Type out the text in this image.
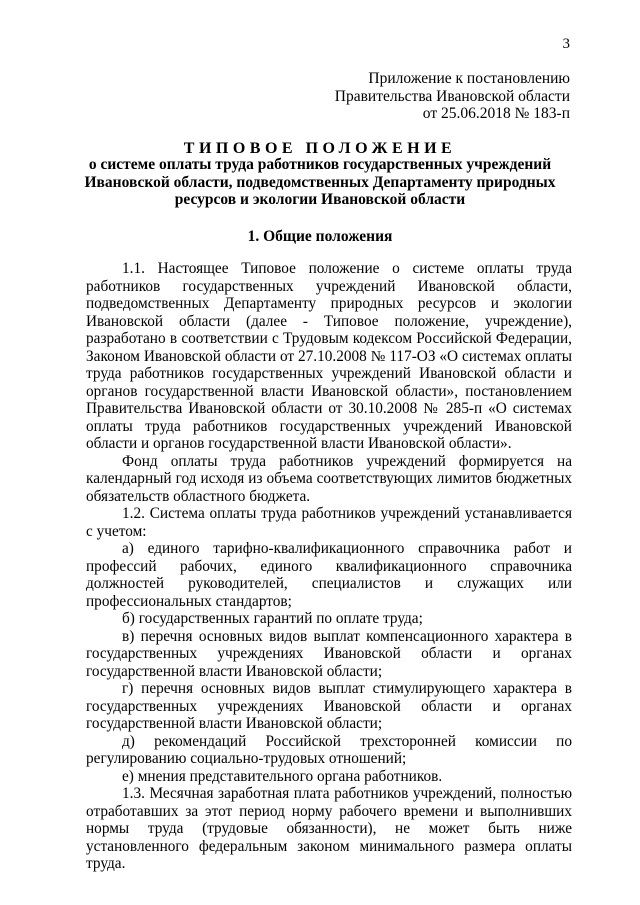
3
Приложение к постановлению
Правительства Ивановской области
от 25.06.2018 № 183-п
ТИПОВОЕ ПОЛОЖЕНИЕ
о системе оплаты труда работников государственных учреждений Ивановской области, подведомственных Департаменту природных ресурсов и экологии Ивановской области
1. Общие положения

1.1. Настоящее Типовое положение о системе оплаты труда работников государственных учреждений Ивановской области, подведомственных Департаменту природных ресурсов и экологии Ивановской области (далее - Типовое положение, учреждение), разработано в соответствии с Трудовым кодексом Российской Федерации, Законом Ивановской области от 27.10.2008 № 117-ОЗ «О системах оплаты труда работников государственных учреждений Ивановской области и органов государственной власти Ивановской области», постановлением Правительства Ивановской области от 30.10.2008 № 285-п «О системах оплаты труда работников государственных учреждений Ивановской области и органов государственной власти Ивановской области».

Фонд оплаты труда работников учреждений формируется на календарный год исходя из объема соответствующих лимитов бюджетных обязательств областного бюджета.

1.2. Система оплаты труда работников учреждений устанавливается с учетом:

а) единого тарифно-квалификационного справочника работ и профессий рабочих, единого квалификационного справочника должностей руководителей, специалистов и служащих или профессиональных стандартов;

б) государственных гарантий по оплате труда;

в) перечня основных видов выплат компенсационного характера в государственных учреждениях Ивановской области и органах государственной власти Ивановской области;

г) перечня основных видов выплат стимулирующего характера в государственных учреждениях Ивановской области и органах государственной власти Ивановской области;

д) рекомендаций Российской трехсторонней комиссии по регулированию социально-трудовых отношений;

е) мнения представительного органа работников.

1.3. Месячная заработная плата работников учреждений, полностью отработавших за этот период норму рабочего времени и выполнивших нормы труда (трудовые обязанности), не может быть ниже установленного федеральным законом минимального размера оплаты труда.
